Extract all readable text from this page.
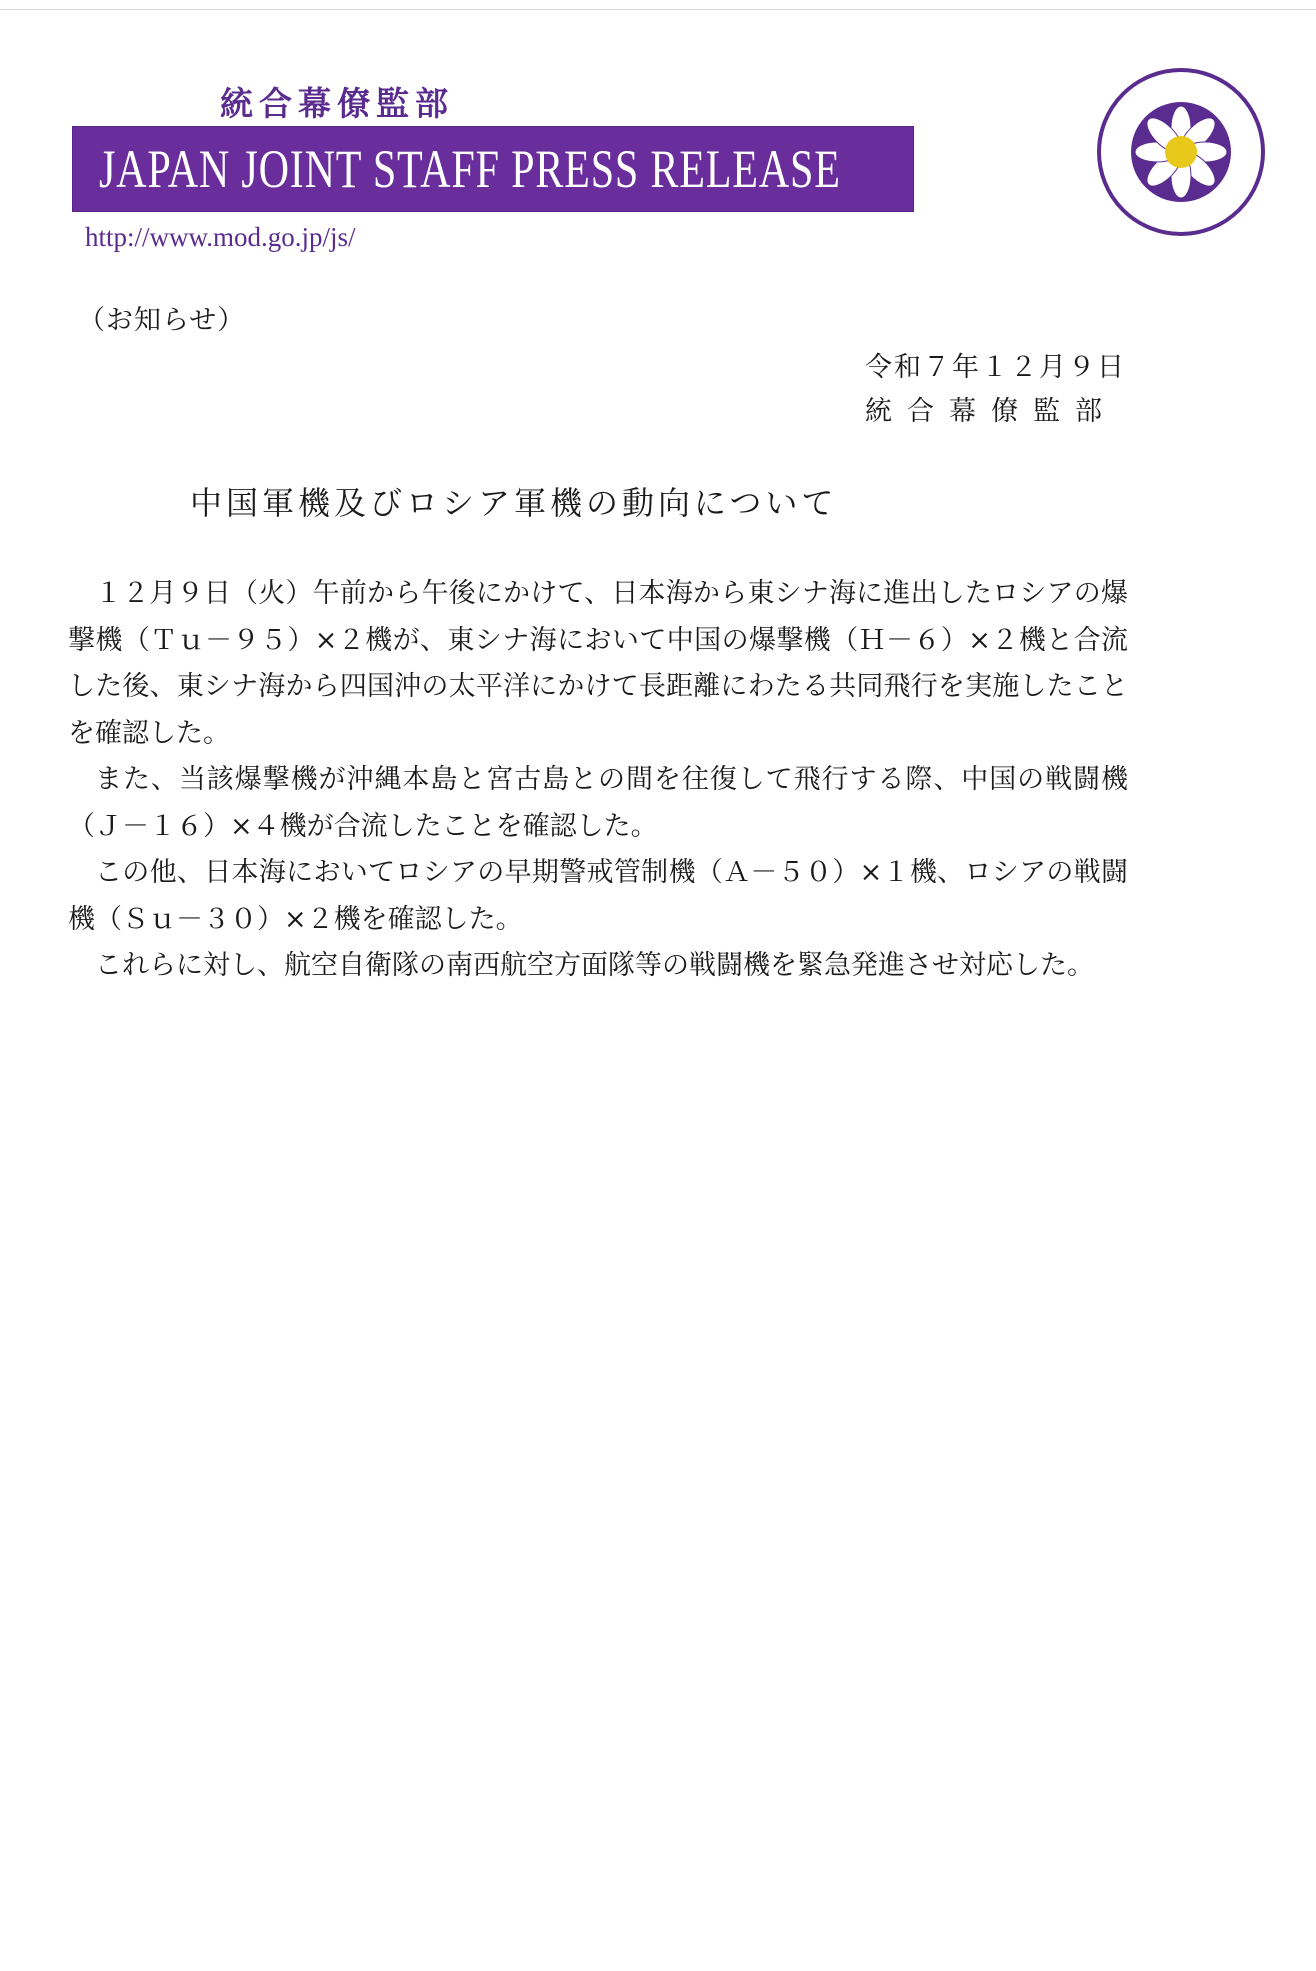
統合幕僚監部
JAPAN JOINT STAFF PRESS RELEASE
http://www.mod.go.jp/js/
（お知らせ）
令和７年１２月９日
統合幕僚監部
中国軍機及びロシア軍機の動向について

１２月９日（火）午前から午後にかけて、日本海から東シナ海に進出したロシアの爆撃機（Ｔｕ－９５）×２機が、東シナ海において中国の爆撃機（Ｈ－６）×２機と合流した後、東シナ海から四国沖の太平洋にかけて長距離にわたる共同飛行を実施したことを確認した。

また、当該爆撃機が沖縄本島と宮古島との間を往復して飛行する際、中国の戦闘機（Ｊ－１６）×４機が合流したことを確認した。

この他、日本海においてロシアの早期警戒管制機（Ａ－５０）×１機、ロシアの戦闘機（Ｓｕ－３０）×２機を確認した。

これらに対し、航空自衛隊の南西航空方面隊等の戦闘機を緊急発進させ対応した。
